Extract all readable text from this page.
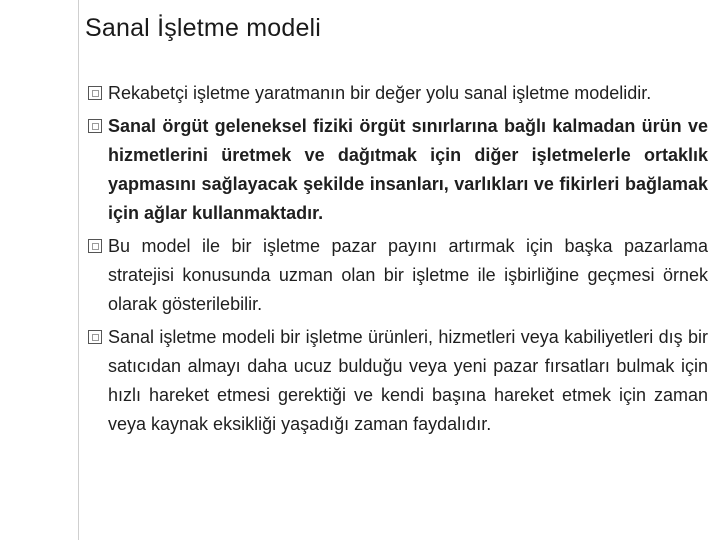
Sanal İşletme modeli
Rekabetçi işletme yaratmanın bir değer yolu sanal işletme modelidir.
Sanal örgüt geleneksel fiziki örgüt sınırlarına bağlı kalmadan ürün ve hizmetlerini üretmek ve dağıtmak için diğer işletmelerle ortaklık yapmasını sağlayacak şekilde insanları, varlıkları ve fikirleri bağlamak için ağlar kullanmaktadır.
Bu model ile bir işletme pazar payını artırmak için başka pazarlama stratejisi konusunda uzman olan bir işletme ile işbirliğine geçmesi örnek olarak gösterilebilir.
Sanal işletme modeli bir işletme ürünleri, hizmetleri veya kabiliyetleri dış bir satıcıdan almayı daha ucuz bulduğu veya yeni pazar fırsatları bulmak için hızlı hareket etmesi gerektiği ve kendi başına hareket etmek için zaman veya kaynak eksikliği yaşadığı zaman faydalıdır.
